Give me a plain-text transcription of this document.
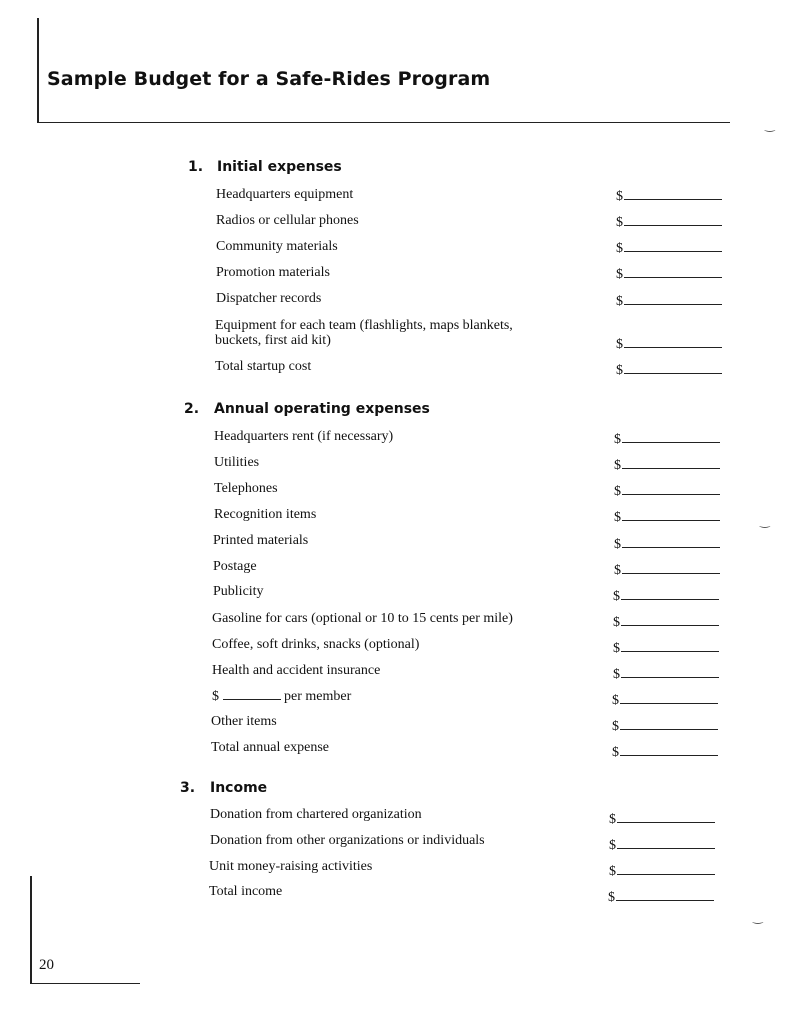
‿
‿
‿
Sample Budget for a Safe-Rides Program
1. Initial expenses
Headquarters equipment	$
Radios or cellular phones	$
Community materials	$
Promotion materials	$
Dispatcher records	$
Equipment for each team (flashlights, maps blankets,
buckets, first aid kit)	$
Total startup cost	$
2. Annual operating expenses
Headquarters rent (if necessary)	$
Utilities	$
Telephones	$
Recognition items	$
Printed materials	$
Postage	$
Publicity	$
Gasoline for cars (optional or 10 to 15 cents per mile)	$
Coffee, soft drinks, snacks (optional)	$
Health and accident insurance	$
$	per member	$
Other items	$
Total annual expense	$
3. Income
Donation from chartered organization	$
Donation from other organizations or individuals	$
Unit money-raising activities	$
Total income	$
20
